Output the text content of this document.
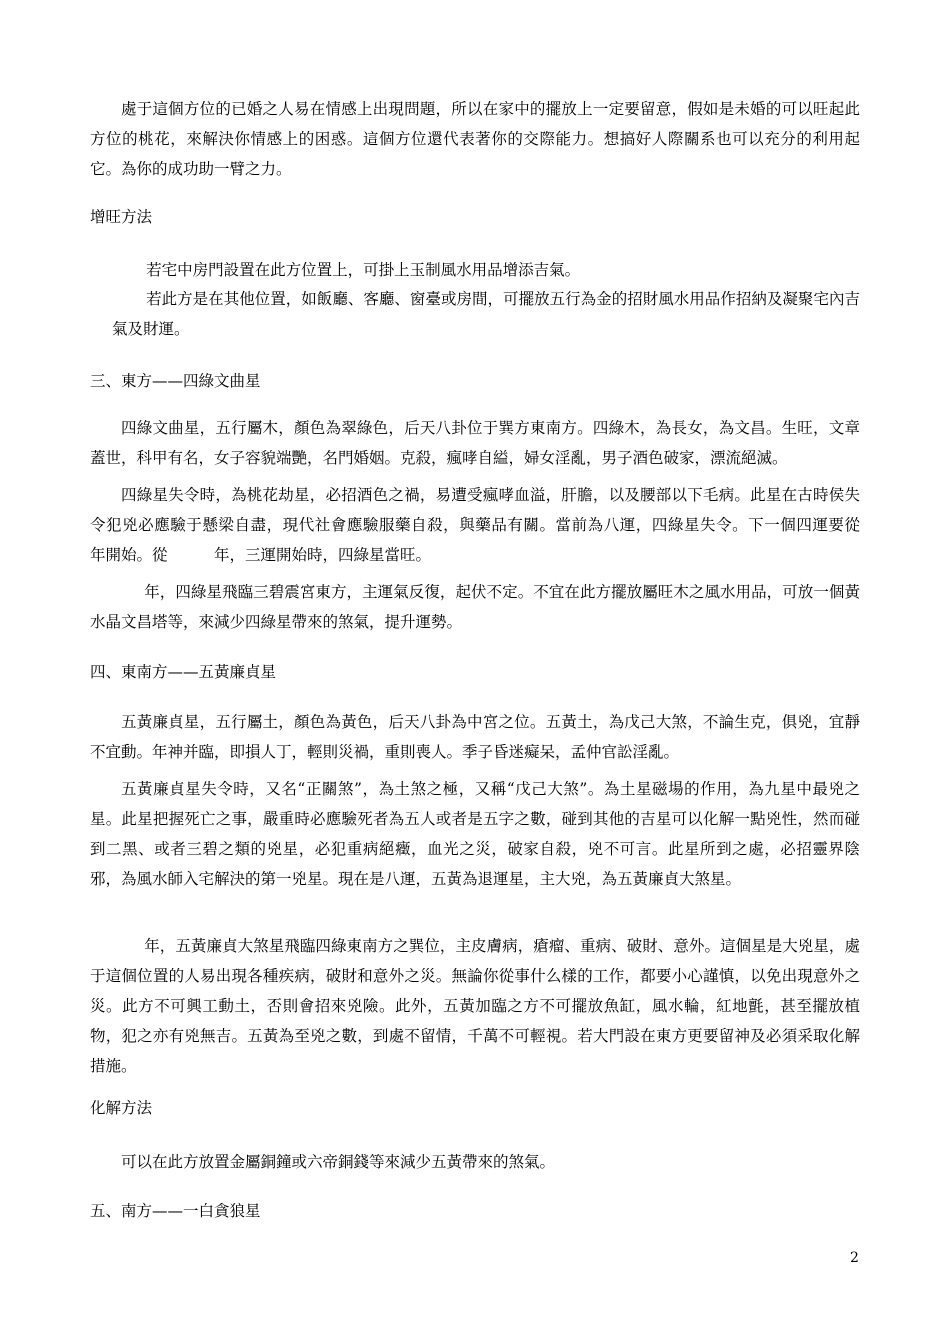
處于這個方位的已婚之人易在情感上出現問題，所以在家中的擺放上一定要留意，假如是未婚的可以旺起此方位的桃花，來解決你情感上的困惑。這個方位還代表著你的交際能力。想搞好人際關系也可以充分的利用起它。為你的成功助一臂之力。

增旺方法

若宅中房門設置在此方位置上，可掛上玉制風水用品增添吉氣。

若此方是在其他位置，如飯廳、客廳、窗臺或房間，可擺放五行為金的招財風水用品作招納及凝聚宅內吉氣及財運。

三、東方——四綠文曲星

四綠文曲星，五行屬木，顏色為翠綠色，后天八卦位于巽方東南方。四綠木，為長女，為文昌。生旺，文章蓋世，科甲有名，女子容貌端艷，名門婚姻。克殺，瘋哮自縊，婦女淫亂，男子酒色破家，漂流絕滅。

四綠星失令時，為桃花劫星，必招酒色之禍，易遭受瘋哮血溢，肝膽，以及腰部以下毛病。此星在古時侯失令犯兇必應驗于懸梁自盡，現代社會應驗服藥自殺，與藥品有關。當前為八運，四綠星失令。下一個四運要從　　　年開始。從　　　年，三運開始時，四綠星當旺。

年，四綠星飛臨三碧震宮東方，主運氣反復，起伏不定。不宜在此方擺放屬旺木之風水用品，可放一個黃水晶文昌塔等，來減少四綠星帶來的煞氣，提升運勢。

四、東南方——五黃廉貞星

五黃廉貞星，五行屬土，顏色為黃色，后天八卦為中宮之位。五黃土，為戊己大煞，不論生克，俱兇，宜靜不宜動。年神并臨，即損人丁，輕則災禍，重則喪人。季子昏迷癡呆，孟仲官訟淫亂。

五黃廉貞星失令時，又名“正關煞”，為土煞之極，又稱“戊己大煞”。為土星磁場的作用，為九星中最兇之星。此星把握死亡之事，嚴重時必應驗死者為五人或者是五字之數，碰到其他的吉星可以化解一點兇性，然而碰到二黑、或者三碧之類的兇星，必犯重病絕癥，血光之災，破家自殺，兇不可言。此星所到之處，必招靈界陰邪，為風水師入宅解決的第一兇星。現在是八運，五黃為退運星，主大兇，為五黃廉貞大煞星。

年，五黃廉貞大煞星飛臨四綠東南方之巽位，主皮膚病，瘡瘤、重病、破財、意外。這個星是大兇星，處于這個位置的人易出現各種疾病，破財和意外之災。無論你從事什么樣的工作，都要小心謹慎，以免出現意外之災。此方不可興工動土，否則會招來兇險。此外，五黃加臨之方不可擺放魚缸，風水輪，紅地氈，甚至擺放植物，犯之亦有兇無吉。五黃為至兇之數，到處不留情，千萬不可輕視。若大門設在東方更要留神及必須采取化解措施。

化解方法

可以在此方放置金屬銅鐘或六帝銅錢等來減少五黃帶來的煞氣。

五、南方——一白貪狼星

2
